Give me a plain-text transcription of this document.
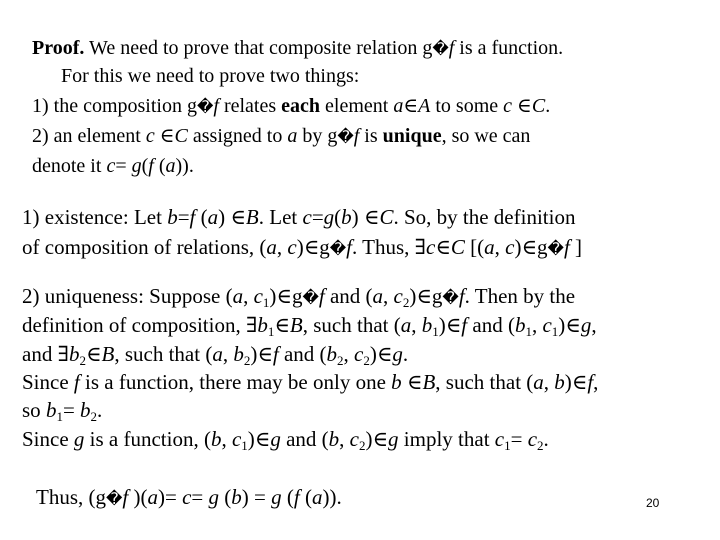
Proof. We need to prove that composite relation g�f is a function.
For this we need to prove two things:
1) the composition g�f relates each element a∈A to some c ∈C.
2) an element c ∈C assigned to a by g�f is unique, so we can
denote it c= g(f (a)).
1) existence: Let b=f (a) ∈B. Let c=g(b) ∈C. So, by the definition
of composition of relations, (a, c)∈g�f. Thus, ∃c∈C [(a, c)∈g�f ]
2) uniqueness: Suppose (a, $c_1)\in g�f$ and (a, $c_2)\in g�f$. Then by the
definition of composition, $\exists b_1\in B$, such that (a, $b_1)\in f$ and ($b_1$, $c_1)\in g$,
and $\exists b_2\in B$, such that (a, $b_2)\in f$ and ($b_2$, $c_2)\in g$.
Since f is a function, there may be only one b ∈B, such that (a, b)∈f,
so $b_1= b_2$.
Since g is a function, (b, $c_1)\in g$ and (b, $c_2)\in g$ imply that $c_1= c_2$.
Thus, (g�f )(a)= c= g (b) = g (f (a)).	20
